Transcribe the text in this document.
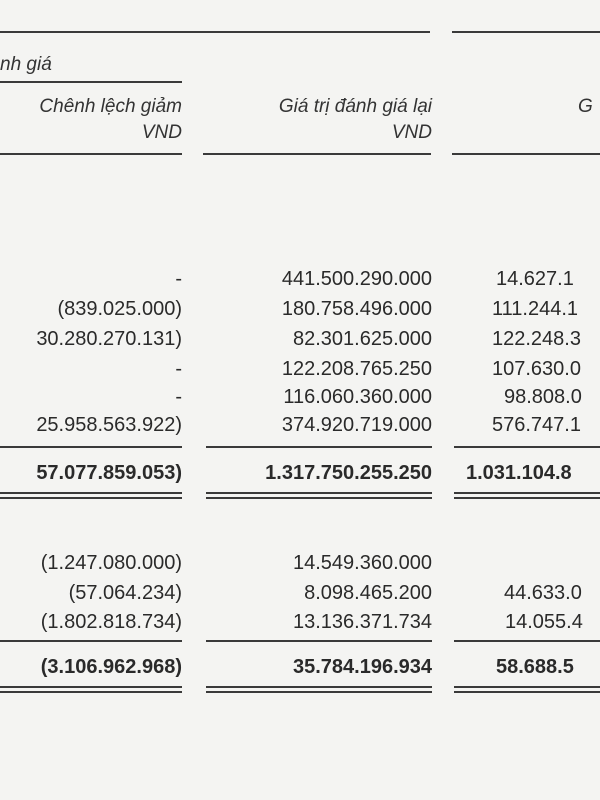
nh giá
Chênh lệch giảm
VND
Giá trị đánh giá lại
VND
G
-	441.500.290.000	14.627.1
(839.025.000)	180.758.496.000	111.244.1
30.280.270.131)	82.301.625.000	122.248.3
-	122.208.765.250	107.630.0
-	116.060.360.000	98.808.0
25.958.563.922)	374.920.719.000	576.747.1
57.077.859.053)	1.317.750.255.250 1.031.104.8
(1.247.080.000)	14.549.360.000
(57.064.234)	8.098.465.200	44.633.0
(1.802.818.734)	13.136.371.734	14.055.4
(3.106.962.968)	35.784.196.934	58.688.5
